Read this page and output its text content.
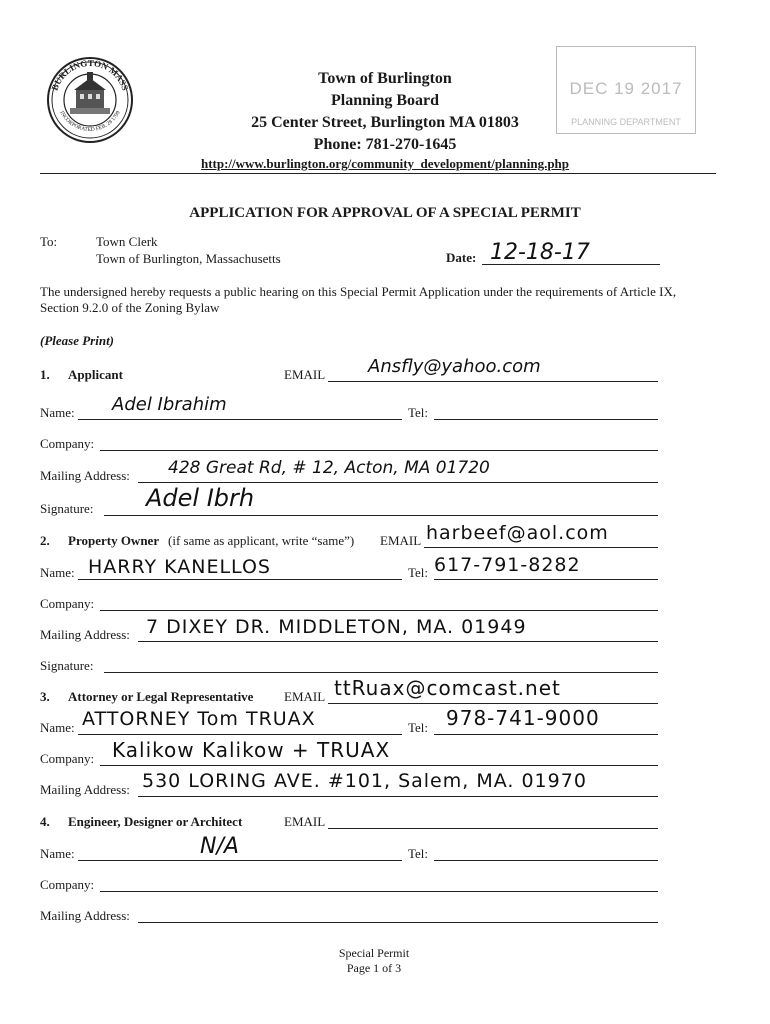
BURLINGTON MASS
INCORPORATED FEB. 28 1799
Town of Burlington
Planning Board
25 Center Street, Burlington MA 01803
Phone: 781-270-1645
http://www.burlington.org/community_development/planning.php
DEC 19 2017
PLANNING DEPARTMENT
APPLICATION FOR APPROVAL OF A SPECIAL PERMIT
To:	Town Clerk
Town of Burlington, Massachusetts	Date: 12-18-17
The undersigned hereby requests a public hearing on this Special Permit Application under the requirements of Article IX, Section 9.2.0 of the Zoning Bylaw
(Please Print)
1. Applicant	EMAIL Ansfly@yahoo.com
Name: Adel Ibrahim	Tel:
Company:
Mailing Address: 428 Great Rd, # 12, Acton, MA 01720
Signature: Adel Ibrh
2. Property Owner (if same as applicant, write “same”) EMAIL harbeef@aol.com
Name: HARRY KANELLOS	Tel: 617-791-8282
Company:
Mailing Address: 7 DIXEY DR. MIDDLETON, MA. 01949
Signature:
3. Attorney or Legal Representative EMAIL ttRuax@comcast.net
Name: ATTORNEY Tom TRUAX	Tel: 978-741-9000
Company: Kalikow Kalikow + TRUAX
Mailing Address: 530 LORING AVE. #101, Salem, MA. 01970
4. Engineer, Designer or Architect	EMAIL
Name:	N/A	Tel:
Company:
Mailing Address:
Special Permit
Page 1 of 3
